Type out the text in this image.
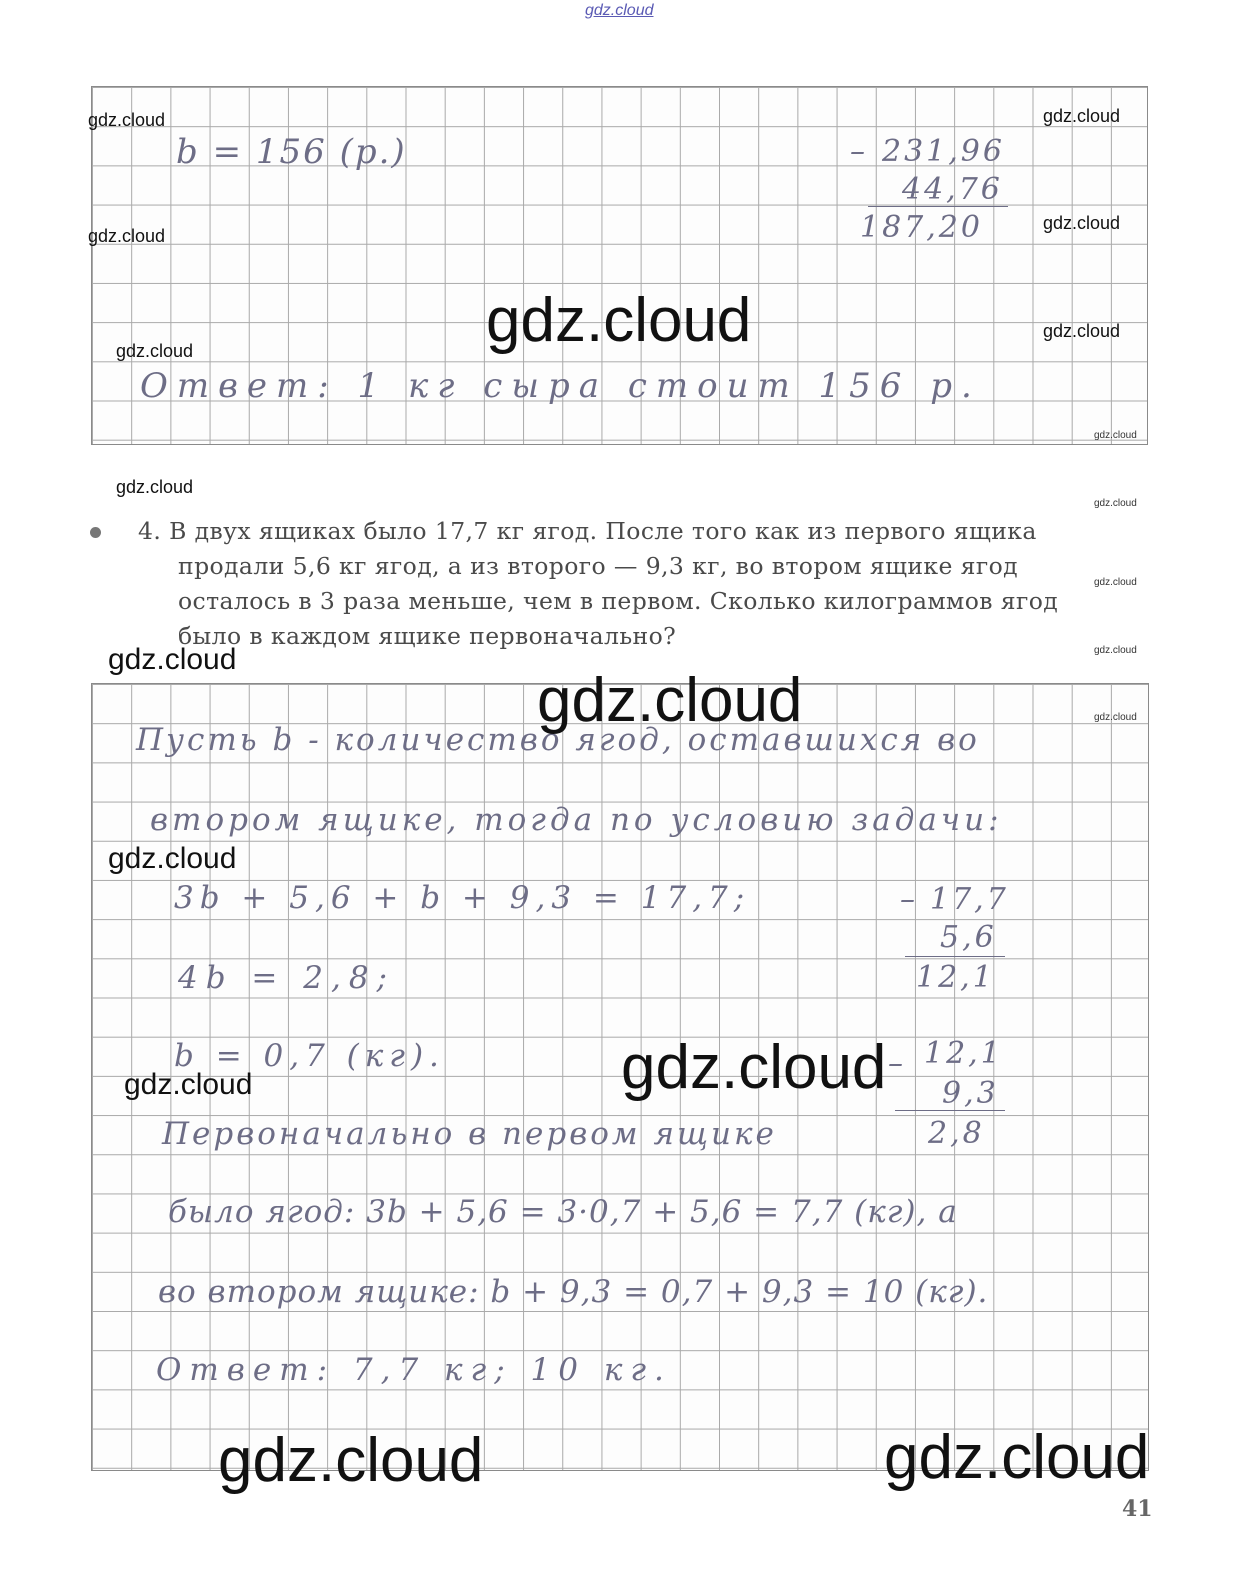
gdz.cloud
b = 156 (р.)	– 231,96
44,76
187,20
Ответ: 1 кг сыра стоит 156 р.
gdz.cloud
gdz.cloud
gdz.cloud
gdz.cloud
gdz.cloud
gdz.cloud
gdz.cloud
gdz.cloud
gdz.cloud
gdz.cloud
gdz.cloud
gdz.cloud
4. В двух ящиках было 17,7 кг ягод. После того как из первого ящика
продали 5,6 кг ягод, а из второго — 9,3 кг, во втором ящике ягод
осталось в 3 раза меньше, чем в первом. Сколько килограммов ягод
было в каждом ящике первоначально?
Пусть b - количество ягод, оставшихся во
втором ящике, тогда по условию задачи:
3b + 5,6 + b + 9,3 = 17,7;
4b = 2,8;
b = 0,7 (кг).
Первоначально в первом ящике
было ягод: 3b + 5,6 = 3·0,7 + 5,6 = 7,7 (кг), а
во втором ящике: b + 9,3 = 0,7 + 9,3 = 10 (кг).
Ответ: 7,7 кг; 10 кг.
– 17,7
5,6
12,1
– 12,1
9,3
2,8
gdz.cloud
gdz.cloud	gdz.cloud
gdz.cloud
gdz.cloud
gdz.cloud
gdz.cloud	gdz.cloud
41
